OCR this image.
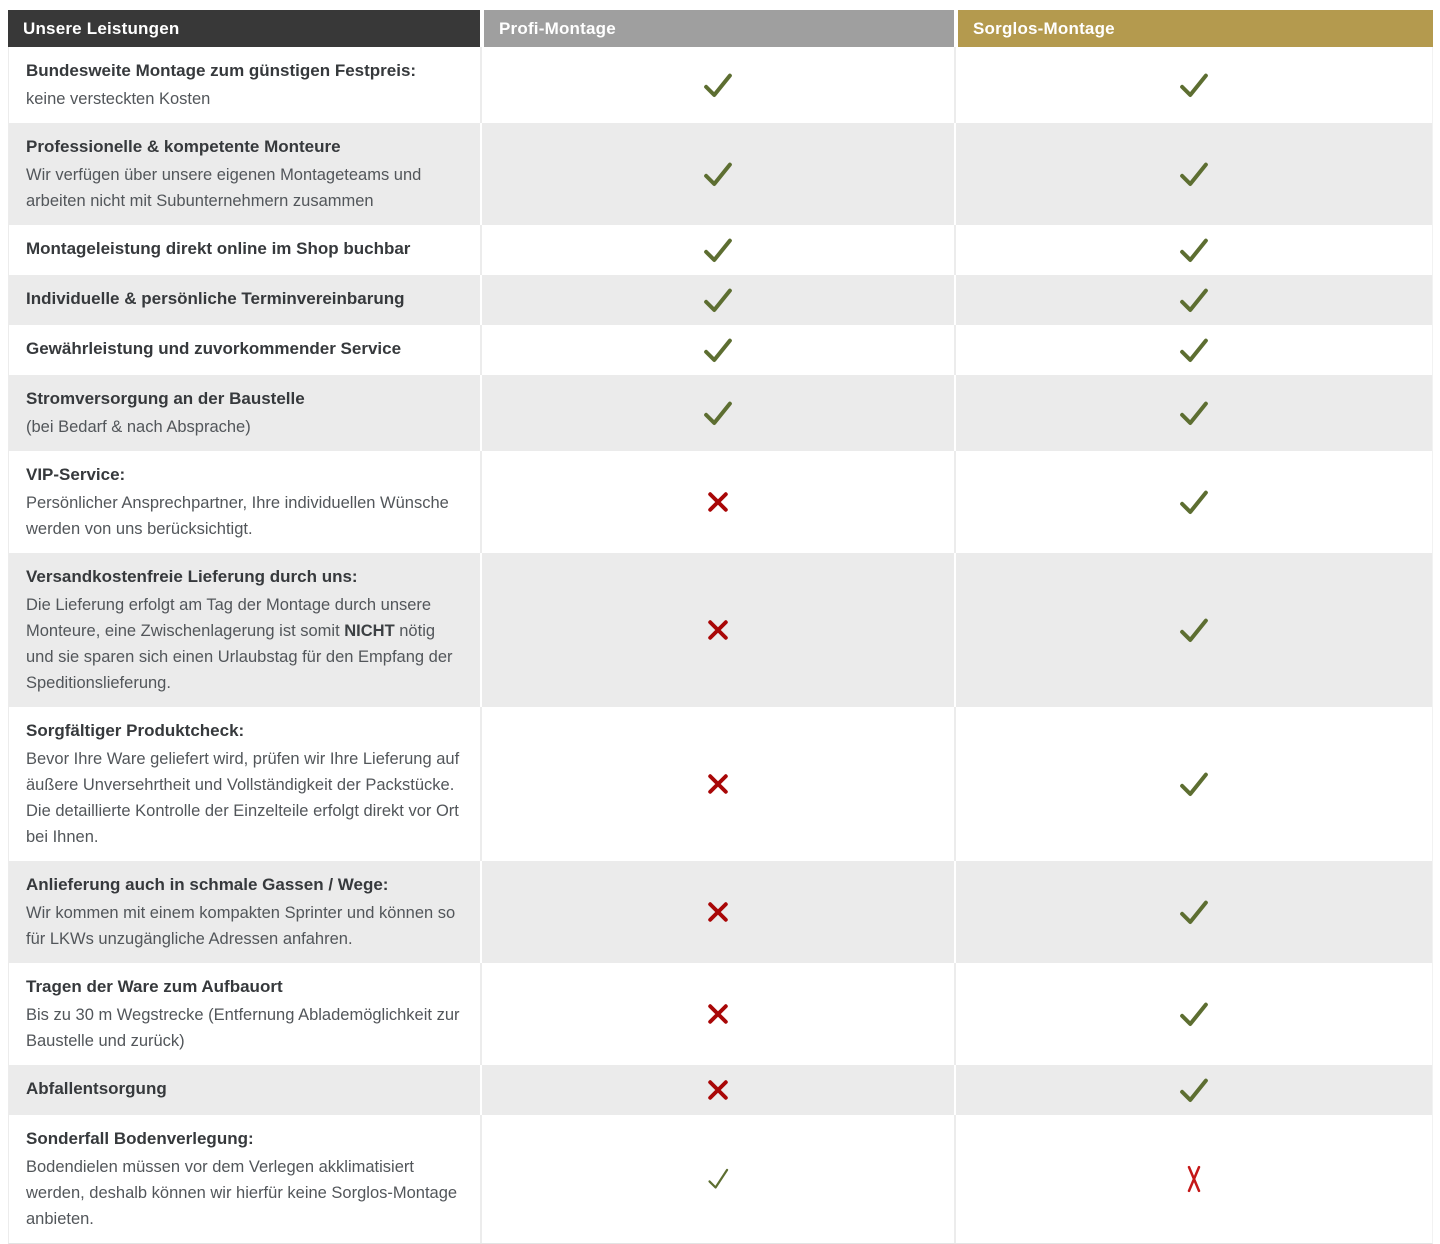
Unsere Leistungen	Profi-Montage	Sorglos-Montage

Bundesweite Montage zum günstigen Festpreis:

keine versteckten Kosten

Professionelle & kompetente Monteure

Wir verfügen über unsere eigenen Montageteams und arbeiten nicht mit Subunternehmern zusammen

Montageleistung direkt online im Shop buchbar

Individuelle & persönliche Terminvereinbarung

Gewährleistung und zuvorkommender Service

Stromversorgung an der Baustelle

(bei Bedarf & nach Absprache)

VIP-Service:

Persönlicher Ansprechpartner, Ihre individuellen Wünsche werden von uns berücksichtigt.

Versandkostenfreie Lieferung durch uns:

Die Lieferung erfolgt am Tag der Montage durch unsere Monteure, eine Zwischenlagerung ist somit NICHT nötig und sie sparen sich einen Urlaubstag für den Empfang der Speditionslieferung.

Sorgfältiger Produktcheck:

Bevor Ihre Ware geliefert wird, prüfen wir Ihre Lieferung auf äußere Unversehrtheit und Vollständigkeit der Packstücke. Die detaillierte Kontrolle der Einzelteile erfolgt direkt vor Ort bei Ihnen.

Anlieferung auch in schmale Gassen / Wege:

Wir kommen mit einem kompakten Sprinter und können so für LKWs unzugängliche Adressen anfahren.

Tragen der Ware zum Aufbauort

Bis zu 30 m Wegstrecke (Entfernung Ablademöglichkeit zur Baustelle und zurück)

Abfallentsorgung

Sonderfall Bodenverlegung:

Bodendielen müssen vor dem Verlegen akklimatisiert werden, deshalb können wir hierfür keine Sorglos-Montage anbieten.
